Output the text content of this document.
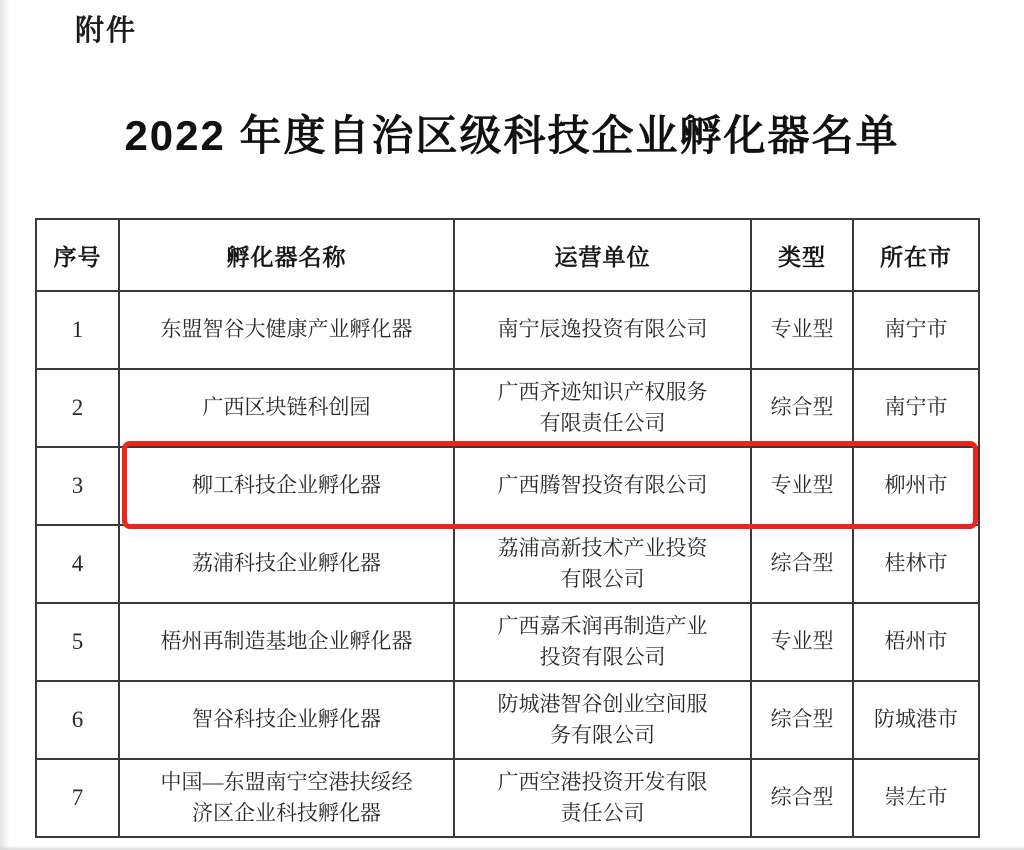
附件
2022 年度自治区级科技企业孵化器名单
序号	孵化器名称	运营单位	类型	所在市
1	东盟智谷大健康产业孵化器	南宁辰逸投资有限公司	专业型	南宁市
2	广西区块链科创园	广西齐迹知识产权服务有限责任公司	综合型	南宁市
3	柳工科技企业孵化器	广西腾智投资有限公司	专业型	柳州市
4	荔浦科技企业孵化器	荔浦高新技术产业投资有限公司	综合型	桂林市
5	梧州再制造基地企业孵化器	广西嘉禾润再制造产业投资有限公司	专业型	梧州市
6	智谷科技企业孵化器	防城港智谷创业空间服务有限公司	综合型	防城港市
7	中国—东盟南宁空港扶绥经济区企业科技孵化器	广西空港投资开发有限责任公司	综合型	崇左市
